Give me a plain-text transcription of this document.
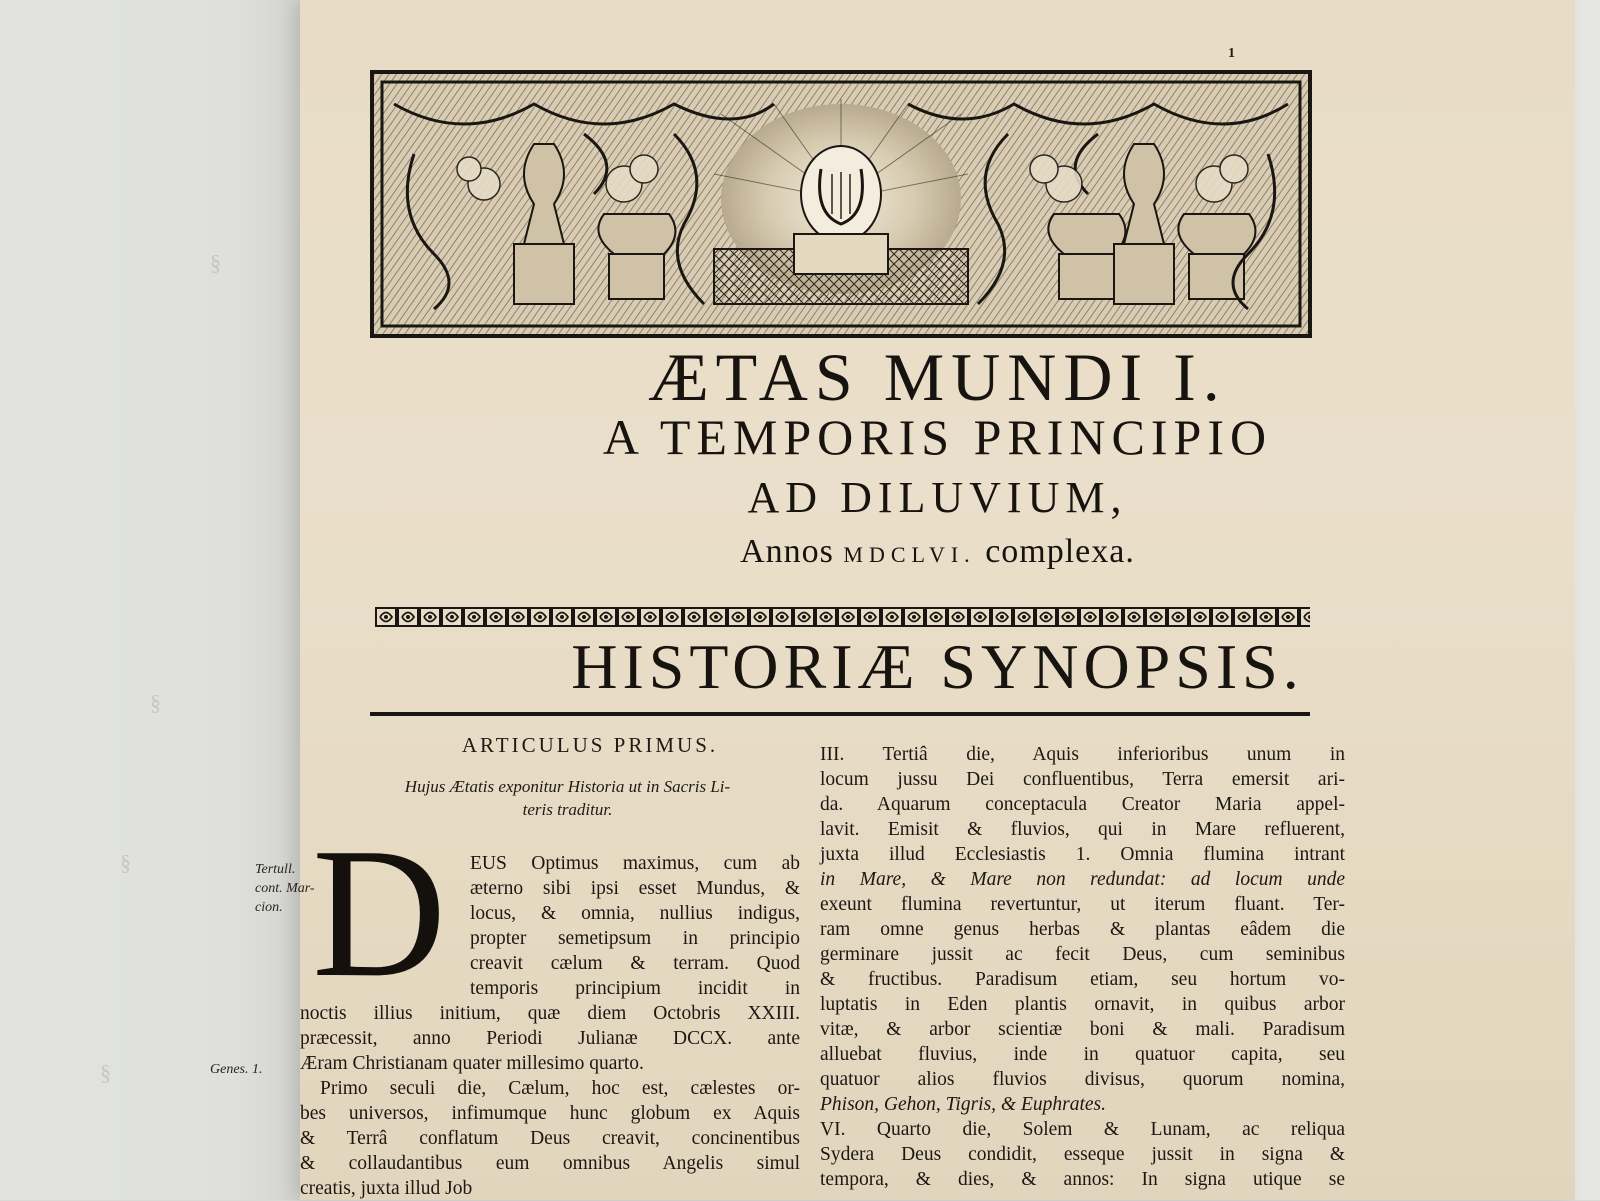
§
§
§
§
1
ÆTAS MUNDI I.
A TEMPORIS PRINCIPIO
AD DILUVIUM,
Annos MDCLVI. complexa.
HISTORIÆ SYNOPSIS.
ARTICULUS PRIMUS.
Hujus Ætatis exponitur Historia ut in Sacris Li-
teris traditur.
Tertull.
cont. Mar-
cion.
Genes. 1.
D EUS Optimus maximus, cum ab
æterno sibi ipsi esset Mundus, &
locus, & omnia, nullius indigus,
propter semetipsum in principio
creavit cælum & terram. Quod
temporis principium incidit in
noctis illius initium, quæ diem Octobris XXIII.
præcessit, anno Periodi Julianæ DCCX. ante
Æram Christianam quater millesimo quarto.
Primo seculi die, Cælum, hoc est, cælestes or-
bes universos, infimumque hunc globum ex Aquis
& Terrâ conflatum Deus creavit, concinentibus
& collaudantibus eum omnibus Angelis simul
creatis, juxta illud Job
III. Tertiâ die, Aquis inferioribus unum in
locum jussu Dei confluentibus, Terra emersit ari-
da. Aquarum conceptacula Creator Maria appel-
lavit. Emisit & fluvios, qui in Mare refluerent,
juxta illud Ecclesiastis 1. Omnia flumina intrant
in Mare, & Mare non redundat: ad locum unde
exeunt flumina revertuntur, ut iterum fluant. Ter-
ram omne genus herbas & plantas eâdem die
germinare jussit ac fecit Deus, cum seminibus
& fructibus. Paradisum etiam, seu hortum vo-
luptatis in Eden plantis ornavit, in quibus arbor
vitæ, & arbor scientiæ boni & mali. Paradisum
alluebat fluvius, inde in quatuor capita, seu
quatuor alios fluvios divisus, quorum nomina,
Phison, Gehon, Tigris, & Euphrates.
VI. Quarto die, Solem & Lunam, ac reliqua
Sydera Deus condidit, esseque jussit in signa &
tempora, & dies, & annos: In signa utique se
